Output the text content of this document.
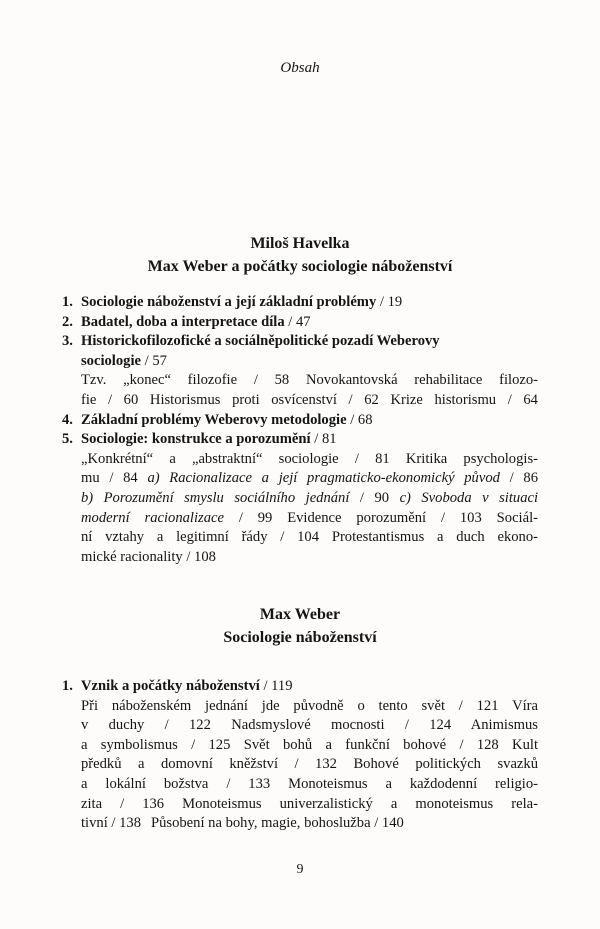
Obsah
Miloš Havelka
Max Weber a počátky sociologie náboženství
1. Sociologie náboženství a její základní problémy / 19
2. Badatel, doba a interpretace díla / 47
3. Historickofilozofické a sociálněpolitické pozadí Weberovy
sociologie / 57
Tzv. „konec“ filozofie / 58 Novokantovská rehabilitace filozo-
fie / 60 Historismus proti osvícenství / 62 Krize historismu / 64
4. Základní problémy Weberovy metodologie / 68
5. Sociologie: konstrukce a porozumění / 81
„Konkrétní“ a „abstraktní“ sociologie / 81 Kritika psychologis-
mu / 84 a) Racionalizace a její pragmaticko-ekonomický původ / 86
b) Porozumění smyslu sociálního jednání / 90 c) Svoboda v situaci
moderní racionalizace / 99 Evidence porozumění / 103 Sociál-
ní vztahy a legitimní řády / 104 Protestantismus a duch ekono-
mické racionality / 108
Max Weber
Sociologie náboženství
1. Vznik a počátky náboženství / 119
Při náboženském jednání jde původně o tento svět / 121 Víra
v duchy / 122 Nadsmyslové mocnosti / 124 Animismus
a symbolismus / 125 Svět bohů a funkční bohové / 128 Kult
předků a domovní kněžství / 132 Bohové politických svazků
a lokální božstva / 133 Monoteismus a každodenní religio-
zita / 136 Monoteismus univerzalistický a monoteismus rela-
tivní / 138 Působení na bohy, magie, bohoslužba / 140
9
